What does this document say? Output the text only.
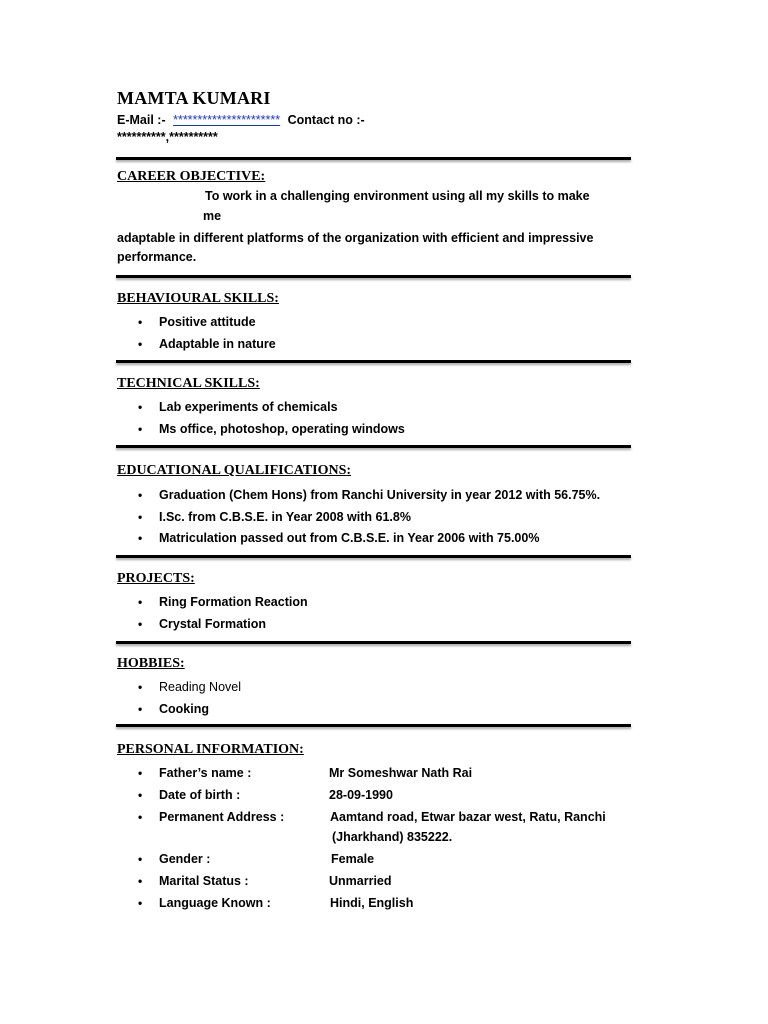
MAMTA KUMARI
E-Mail :- ********************** Contact no :-
**********,**********
CAREER OBJECTIVE:
To work in a challenging environment using all my skills to make
me
adaptable in different platforms of the organization with efficient and impressive
performance.
BEHAVIOURAL SKILLS:
• Positive attitude
• Adaptable in nature
TECHNICAL SKILLS:
• Lab experiments of chemicals
• Ms office, photoshop, operating windows
EDUCATIONAL QUALIFICATIONS:
• Graduation (Chem Hons) from Ranchi University in year 2012 with 56.75%.
• I.Sc. from C.B.S.E. in Year 2008 with 61.8%
• Matriculation passed out from C.B.S.E. in Year 2006 with 75.00%
PROJECTS:
• Ring Formation Reaction
• Crystal Formation
HOBBIES:
• Reading Novel
• Cooking
PERSONAL INFORMATION:
• Father’s name :	Mr Someshwar Nath Rai
• Date of birth :	28-09-1990
• Permanent Address :	Aamtand road, Etwar bazar west, Ratu, Ranchi
(Jharkhand) 835222.
• Gender :	Female
• Marital Status :	Unmarried
• Language Known :	Hindi, English
